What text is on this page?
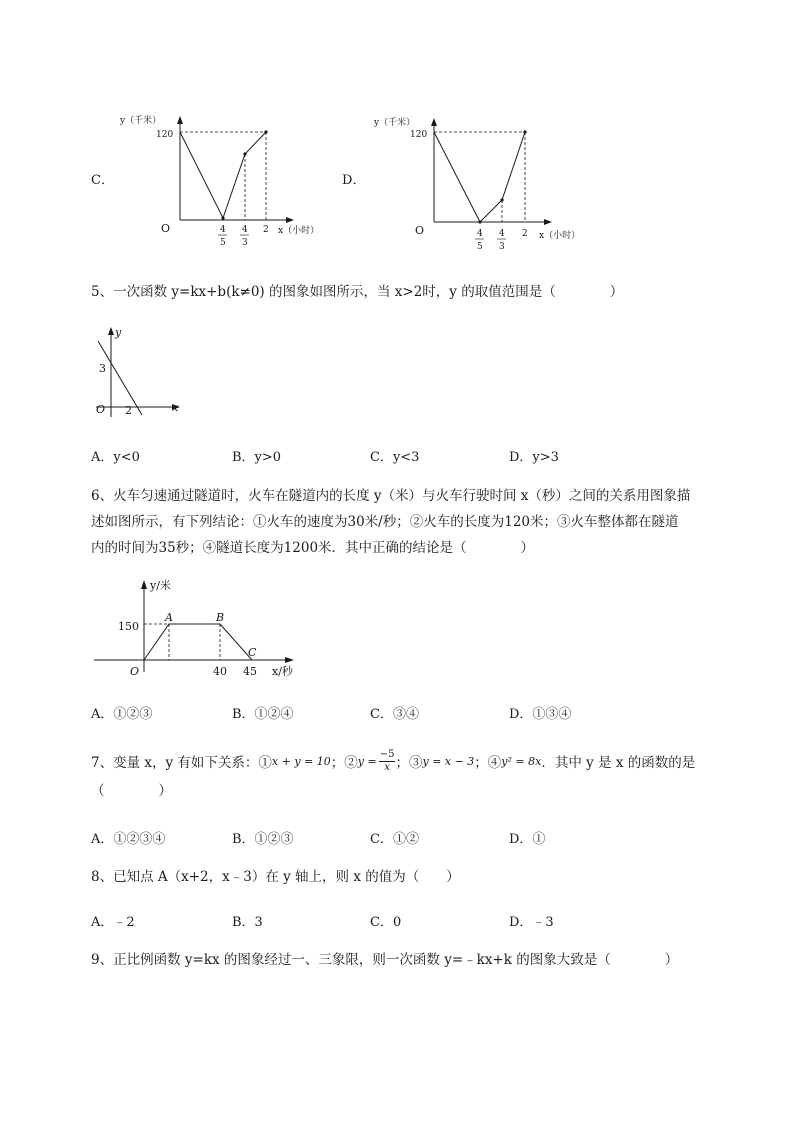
C．
y（千米）
120
O	x（小时）
4
5
4
3
2
D．
y（千米）
120
O	x（小时）
4
5
4
3
2
5、一次函数 y=kx+b(k≠0) 的图象如图所示，当 x>2时，y 的取值范围是（　　　　）
y
x
O
3
2
A．y<0	B．y>0	C．y<3	D．y>3
6、火车匀速通过隧道时，火车在隧道内的长度 y（米）与火车行驶时间 x（秒）之间的关系用图象描
述如图所示，有下列结论：①火车的速度为30米/秒；②火车的长度为120米；③火车整体都在隧道
内的时间为35秒；④隧道长度为1200米．其中正确的结论是（　　　　）
y/米
x/秒
O
150
A	B
C
40 45
A．①②③	B．①②④	C．③④	D．①③④
7、变量 x，y 有如下关系：① x + y = 10 ；② $y = \frac{-5}{x}$ ；③ y = x − 3 ；④ y² = 8x ．其中 y 是 x 的函数的是
（　　　　）
A．①②③④	B．①②③	C．①②	D．①
8、已知点 A（x+2，x﹣3）在 y 轴上，则 x 的值为（　　）
A．﹣2	B．3	C．0	D．﹣3
9、正比例函数 y=kx 的图象经过一、三象限，则一次函数 y=﹣kx+k 的图象大致是（　　　　）
